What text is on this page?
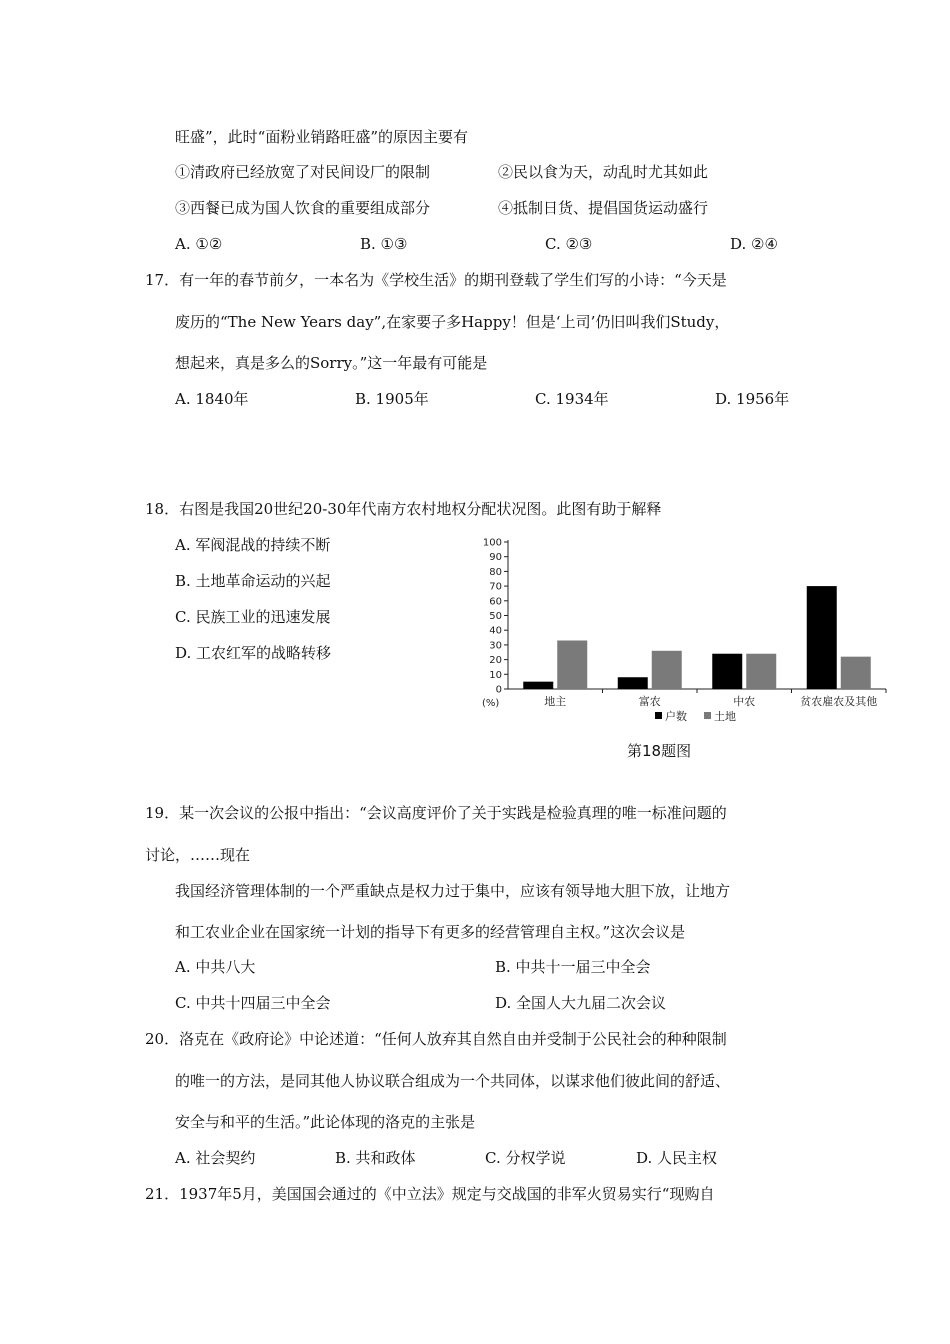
旺盛”，此时“面粉业销路旺盛”的原因主要有
①清政府已经放宽了对民间设厂的限制	②民以食为天，动乱时尤其如此
③西餐已成为国人饮食的重要组成部分	④抵制日货、提倡国货运动盛行
A. ①②	B. ①③	C. ②③	D. ②④
17．有一年的春节前夕，一本名为《学校生活》的期刊登载了学生们写的小诗：“今天是
废历的“The New Years day”,在家要子多Happy！但是‘上司’仍旧叫我们Study，
想起来，真是多么的Sorry。”这一年最有可能是
A. 1840年	B. 1905年	C. 1934年	D. 1956年
18．右图是我国20世纪20-30年代南方农村地权分配状况图。此图有助于解释
A. 军阀混战的持续不断
B. 土地革命运动的兴起
C. 民族工业的迅速发展
D. 工农红军的战略转移
0
10
20
30
40
50
60
70
80
90
100
地主	富农	中农	贫农雇农及其他
(%)
户数 土地
第18题图
19．某一次会议的公报中指出：“会议高度评价了关于实践是检验真理的唯一标准问题的
讨论，……现在
我国经济管理体制的一个严重缺点是权力过于集中，应该有领导地大胆下放，让地方
和工农业企业在国家统一计划的指导下有更多的经营管理自主权。”这次会议是
A. 中共八大	B. 中共十一届三中全会
C. 中共十四届三中全会	D. 全国人大九届二次会议
20．洛克在《政府论》中论述道：“任何人放弃其自然自由并受制于公民社会的种种限制
的唯一的方法，是同其他人协议联合组成为一个共同体，以谋求他们彼此间的舒适、
安全与和平的生活。”此论体现的洛克的主张是
A. 社会契约	B. 共和政体	C. 分权学说	D. 人民主权
21．1937年5月，美国国会通过的《中立法》规定与交战国的非军火贸易实行“现购自
